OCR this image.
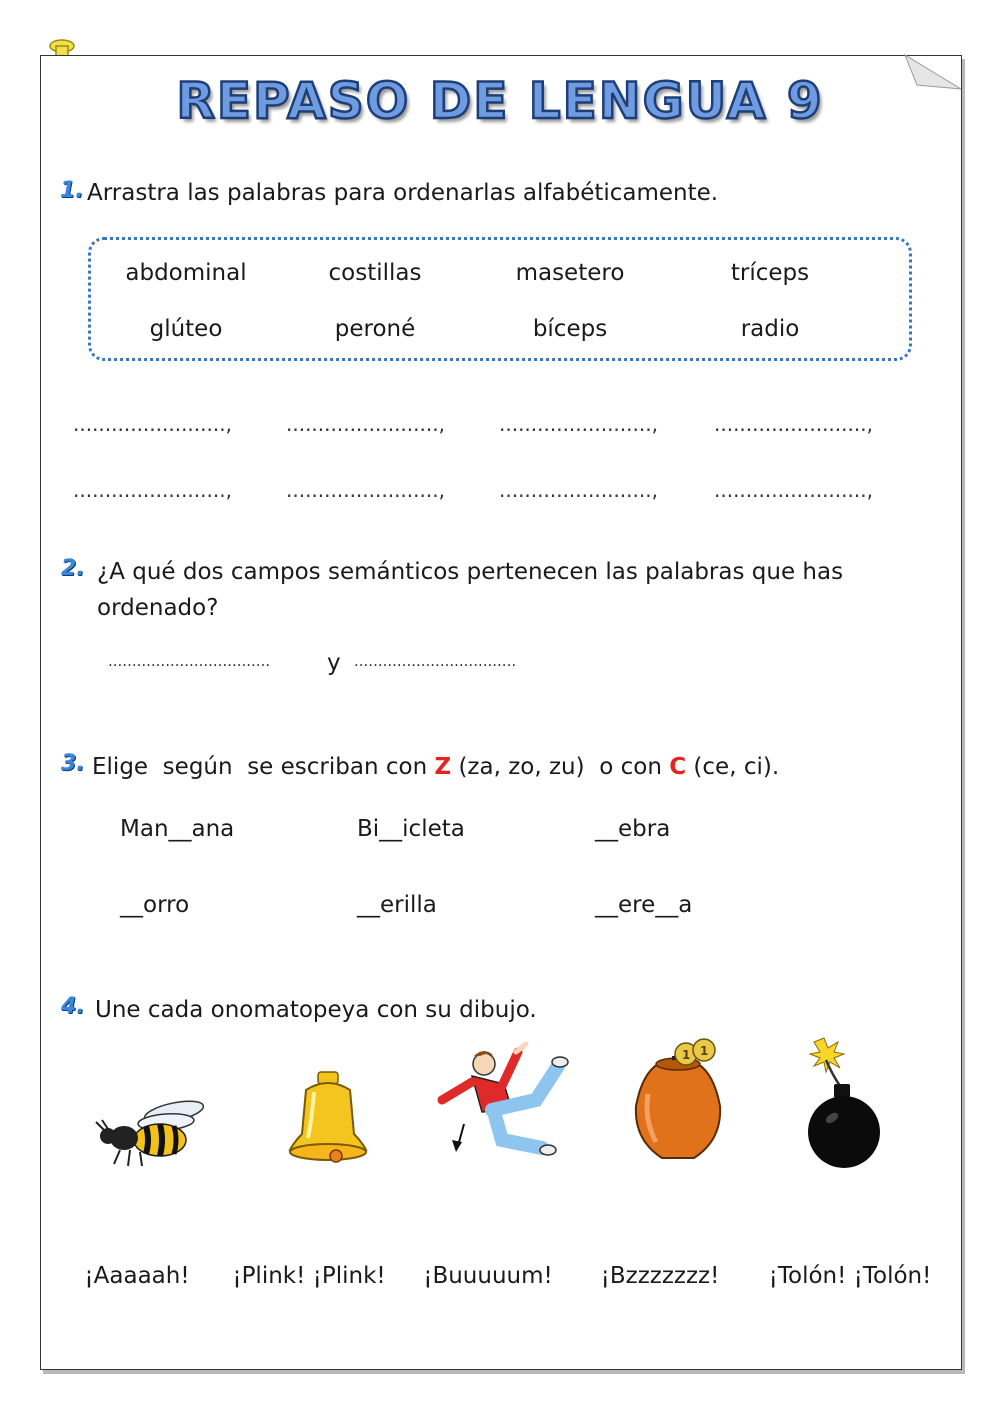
REPASO DE LENGUA 9
1. Arrastra las palabras para ordenarlas alfabéticamente.
abdominal	costillas	masetero	tríceps
glúteo	peroné	bíceps	radio
........................,	........................,	........................,	........................,
........................,	........................,	........................,	........................,
2. ¿A qué dos campos semánticos pertenecen las palabras que has
ordenado?
.................................. y ..................................
3. Elige  según  se escriban con Z (za, zo, zu)  o con C (ce, ci).
Man__ana	Bi__icleta	__ebra
__orro	__erilla	__ere__a
4. Une cada onomatopeya con su dibujo.
1
1
¡Aaaaah!	¡Plink! ¡Plink!	¡Buuuuum!	¡Bzzzzzzz!	¡Tolón! ¡Tolón!
